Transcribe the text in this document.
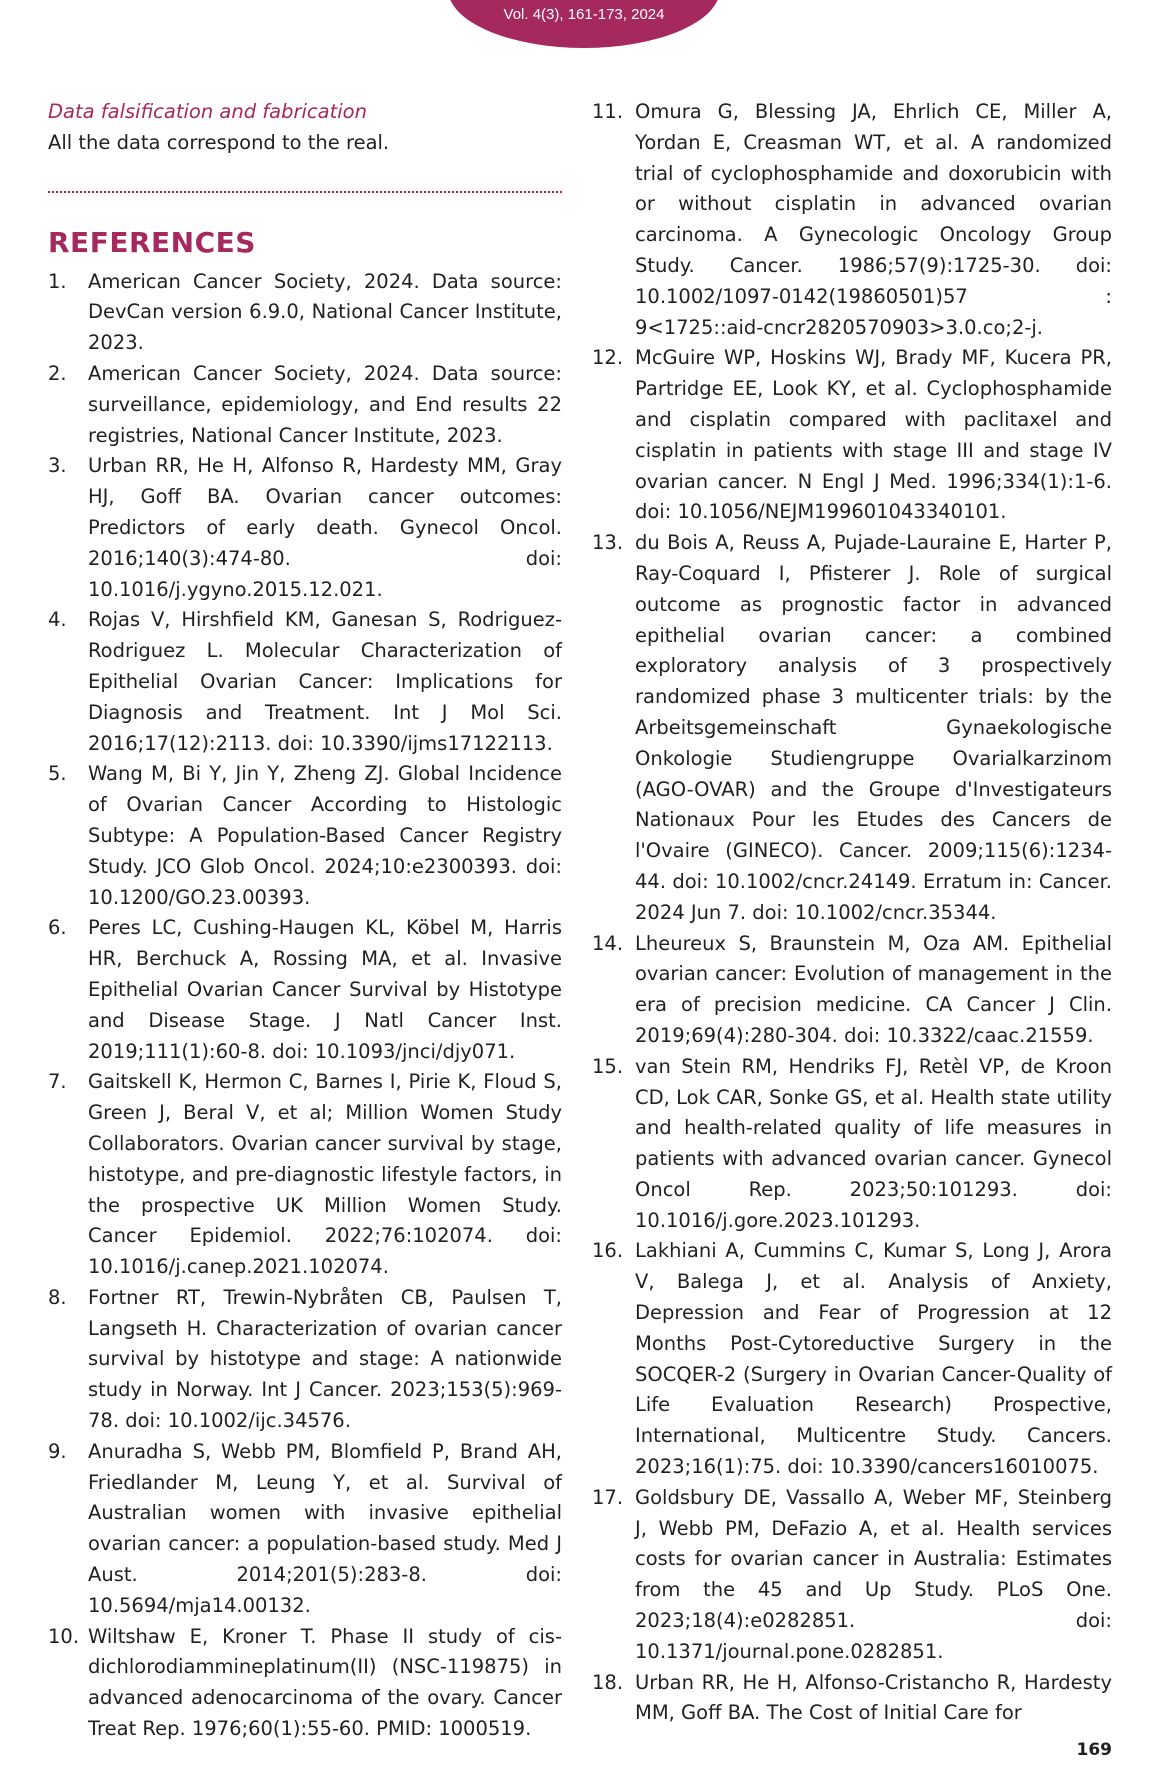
Vol. 4(3), 161-173, 2024
Data falsification and fabrication

All the data correspond to the real.

REFERENCES
1. American Cancer Society, 2024. Data source: DevCan version 6.9.0, National Cancer Institute, 2023.
2. American Cancer Society, 2024. Data source: surveillance, epidemiology, and End results 22 registries, National Cancer Institute, 2023.
3. Urban RR, He H, Alfonso R, Hardesty MM, Gray HJ, Goff BA. Ovarian cancer outcomes: Predictors of early death. Gynecol Oncol. 2016;140(3):474-80. doi: 10.1016/j.ygyno.2015.12.021.
4. Rojas V, Hirshfield KM, Ganesan S, Rodriguez-Rodriguez L. Molecular Characterization of Epithelial Ovarian Cancer: Implications for Diagnosis and Treatment. Int J Mol Sci. 2016;17(12):2113. doi: 10.3390/ijms17122113.
5. Wang M, Bi Y, Jin Y, Zheng ZJ. Global Incidence of Ovarian Cancer According to Histologic Subtype: A Population-Based Cancer Registry Study. JCO Glob Oncol. 2024;10:e2300393. doi: 10.1200/GO.23.00393.
6. Peres LC, Cushing-Haugen KL, Köbel M, Harris HR, Berchuck A, Rossing MA, et al. Invasive Epithelial Ovarian Cancer Survival by Histotype and Disease Stage. J Natl Cancer Inst. 2019;111(1):60-8. doi: 10.1093/jnci/djy071.
7. Gaitskell K, Hermon C, Barnes I, Pirie K, Floud S, Green J, Beral V, et al; Million Women Study Collaborators. Ovarian cancer survival by stage, histotype, and pre-diagnostic lifestyle factors, in the prospective UK Million Women Study. Cancer Epidemiol. 2022;76:102074. doi: 10.1016/j.canep.2021.102074.
8. Fortner RT, Trewin-Nybråten CB, Paulsen T, Langseth H. Characterization of ovarian cancer survival by histotype and stage: A nationwide study in Norway. Int J Cancer. 2023;153(5):969-78. doi: 10.1002/ijc.34576.
9. Anuradha S, Webb PM, Blomfield P, Brand AH, Friedlander M, Leung Y, et al. Survival of Australian women with invasive epithelial ovarian cancer: a population-based study. Med J Aust. 2014;201(5):283-8. doi: 10.5694/mja14.00132.
10. Wiltshaw E, Kroner T. Phase II study of cis-dichlorodiammineplatinum(II) (NSC-119875) in advanced adenocarcinoma of the ovary. Cancer Treat Rep. 1976;60(1):55-60. PMID: 1000519.
11. Omura G, Blessing JA, Ehrlich CE, Miller A, Yordan E, Creasman WT, et al. A randomized trial of cyclophosphamide and doxorubicin with or without cisplatin in advanced ovarian carcinoma. A Gynecologic Oncology Group Study. Cancer. 1986;57(9):1725-30. doi: 10.1002/1097-0142(19860501)57 : 9<1725::aid-cncr2820570903>3.0.co;2-j.
12. McGuire WP, Hoskins WJ, Brady MF, Kucera PR, Partridge EE, Look KY, et al. Cyclophosphamide and cisplatin compared with paclitaxel and cisplatin in patients with stage III and stage IV ovarian cancer. N Engl J Med. 1996;334(1):1-6. doi: 10.1056/NEJM199601043340101.
13. du Bois A, Reuss A, Pujade-Lauraine E, Harter P, Ray-Coquard I, Pfisterer J. Role of surgical outcome as prognostic factor in advanced epithelial ovarian cancer: a combined exploratory analysis of 3 prospectively randomized phase 3 multicenter trials: by the Arbeitsgemeinschaft Gynaekologische Onkologie Studiengruppe Ovarialkarzinom (AGO-OVAR) and the Groupe d'Investigateurs Nationaux Pour les Etudes des Cancers de l'Ovaire (GINECO). Cancer. 2009;115(6):1234-44. doi: 10.1002/cncr.24149. Erratum in: Cancer. 2024 Jun 7. doi: 10.1002/cncr.35344.
14. Lheureux S, Braunstein M, Oza AM. Epithelial ovarian cancer: Evolution of management in the era of precision medicine. CA Cancer J Clin. 2019;69(4):280-304. doi: 10.3322/caac.21559.
15. van Stein RM, Hendriks FJ, Retèl VP, de Kroon CD, Lok CAR, Sonke GS, et al. Health state utility and health-related quality of life measures in patients with advanced ovarian cancer. Gynecol Oncol Rep. 2023;50:101293. doi: 10.1016/j.gore.2023.101293.
16. Lakhiani A, Cummins C, Kumar S, Long J, Arora V, Balega J, et al. Analysis of Anxiety, Depression and Fear of Progression at 12 Months Post-Cytoreductive Surgery in the SOCQER-2 (Surgery in Ovarian Cancer-Quality of Life Evaluation Research) Prospective, International, Multicentre Study. Cancers. 2023;16(1):75. doi: 10.3390/cancers16010075.
17. Goldsbury DE, Vassallo A, Weber MF, Steinberg J, Webb PM, DeFazio A, et al. Health services costs for ovarian cancer in Australia: Estimates from the 45 and Up Study. PLoS One. 2023;18(4):e0282851. doi: 10.1371/journal.pone.0282851.
18. Urban RR, He H, Alfonso-Cristancho R, Hardesty MM, Goff BA. The Cost of Initial Care for
169
